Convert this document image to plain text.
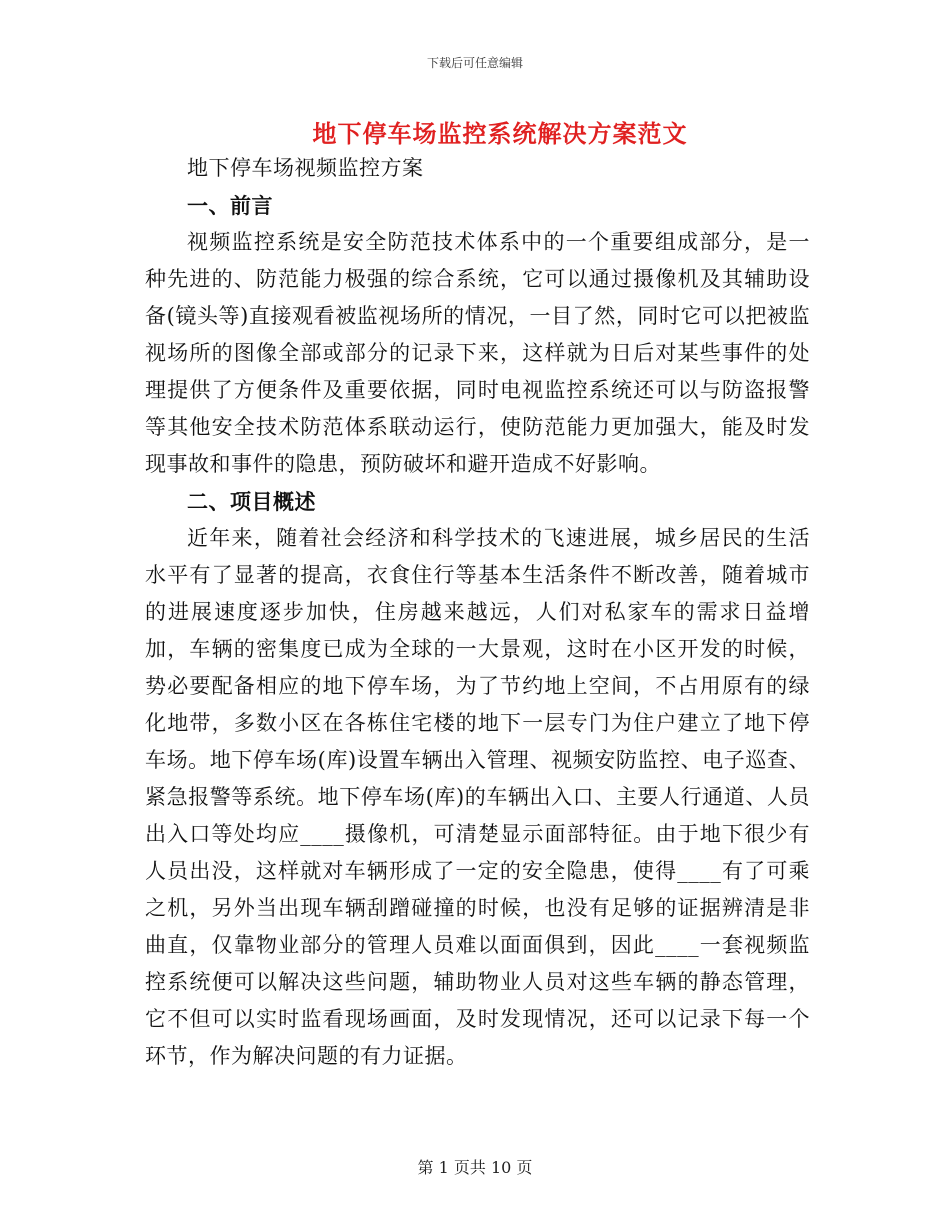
下载后可任意编辑
地下停车场监控系统解决方案范文

地下停车场视频监控方案

一、前言

视频监控系统是安全防范技术体系中的一个重要组成部分，是一种先进的、防范能力极强的综合系统，它可以通过摄像机及其辅助设备(镜头等)直接观看被监视场所的情况，一目了然，同时它可以把被监视场所的图像全部或部分的记录下来，这样就为日后对某些事件的处理提供了方便条件及重要依据，同时电视监控系统还可以与防盗报警等其他安全技术防范体系联动运行，使防范能力更加强大，能及时发现事故和事件的隐患，预防破坏和避开造成不好影响。

二、项目概述

近年来，随着社会经济和科学技术的飞速进展，城乡居民的生活水平有了显著的提高，衣食住行等基本生活条件不断改善，随着城市的进展速度逐步加快，住房越来越远，人们对私家车的需求日益增加，车辆的密集度已成为全球的一大景观，这时在小区开发的时候，势必要配备相应的地下停车场，为了节约地上空间，不占用原有的绿化地带，多数小区在各栋住宅楼的地下一层专门为住户建立了地下停车场。地下停车场(库)设置车辆出入管理、视频安防监控、电子巡查、紧急报警等系统。地下停车场(库)的车辆出入口、主要人行通道、人员出入口等处均应____摄像机，可清楚显示面部特征。由于地下很少有人员出没，这样就对车辆形成了一定的安全隐患，使得____有了可乘之机，另外当出现车辆刮蹭碰撞的时候，也没有足够的证据辨清是非曲直，仅靠物业部分的管理人员难以面面俱到，因此____一套视频监控系统便可以解决这些问题，辅助物业人员对这些车辆的静态管理，它不但可以实时监看现场画面，及时发现情况，还可以记录下每一个环节，作为解决问题的有力证据。

第 1 页共 10 页
